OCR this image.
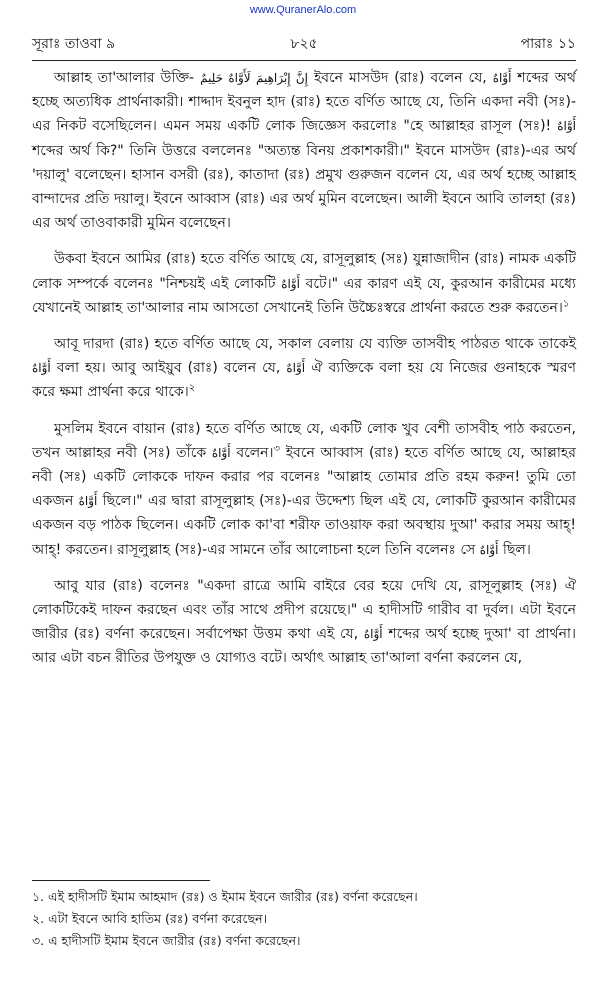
www.QuranerAlo.com
সূরাঃ তাওবা ৯	৮২৫	পারাঃ ১১

আল্লাহ তা'আলার উক্তি- إِنَّ إِبْرَاهِيمَ لَأَوَّاهٌ حَلِيمٌ ইবনে মাসউদ (রাঃ) বলেন যে, أَوَّاهٌ শব্দের অর্থ হচ্ছে অত্যধিক প্রার্থনাকারী। শাদ্দাদ ইবনুল হাদ (রাঃ) হতে বর্ণিত আছে যে, তিনি একদা নবী (সঃ)-এর নিকট বসেছিলেন। এমন সময় একটি লোক জিজ্ঞেস করলোঃ "হে আল্লাহর রাসূল (সঃ)! أَوَّاهٌ শব্দের অর্থ কি?" তিনি উত্তরে বললেনঃ "অত্যন্ত বিনয় প্রকাশকারী।" ইবনে মাসউদ (রাঃ)-এর অর্থ 'দয়ালু' বলেছেন। হাসান বসরী (রঃ), কাতাদা (রঃ) প্রমুখ গুরুজন বলেন যে, এর অর্থ হচ্ছে আল্লাহ বান্দাদের প্রতি দয়ালু। ইবনে আব্বাস (রাঃ) এর অর্থ মুমিন বলেছেন। আলী ইবনে আবি তালহা (রঃ) এর অর্থ তাওবাকারী মুমিন বলেছেন।

উকবা ইবনে আমির (রাঃ) হতে বর্ণিত আছে যে, রাসূলুল্লাহ (সঃ) যুন্নাজাদীন (রাঃ) নামক একটি লোক সম্পর্কে বলেনঃ "নিশ্চয়ই এই লোকটি أَوَّاهٌ বটে।" এর কারণ এই যে, কুরআন কারীমের মধ্যে যেখানেই আল্লাহ তা'আলার নাম আসতো সেখানেই তিনি উচ্চৈঃস্বরে প্রার্থনা করতে শুরু করতেন।$^১$

আবূ দারদা (রাঃ) হতে বর্ণিত আছে যে, সকাল বেলায় যে ব্যক্তি তাসবীহ পাঠরত থাকে তাকেই أَوَّاهٌ বলা হয়। আবু আইয়ুব (রাঃ) বলেন যে, أَوَّاهٌ ঐ ব্যক্তিকে বলা হয় যে নিজের গুনাহকে স্মরণ করে ক্ষমা প্রার্থনা করে থাকে।$^২$

মুসলিম ইবনে বায়ান (রাঃ) হতে বর্ণিত আছে যে, একটি লোক খুব বেশী তাসবীহ পাঠ করতেন, তখন আল্লাহর নবী (সঃ) তাঁকে أَوَّاهٌ বলেন।$^৩$ ইবনে আব্বাস (রাঃ) হতে বর্ণিত আছে যে, আল্লাহর নবী (সঃ) একটি লোককে দাফন করার পর বলেনঃ "আল্লাহ তোমার প্রতি রহম করুন! তুমি তো একজন أَوَّاهٌ ছিলে।" এর দ্বারা রাসূলুল্লাহ (সঃ)-এর উদ্দেশ্য ছিল এই যে, লোকটি কুরআন কারীমের একজন বড় পাঠক ছিলেন। একটি লোক কা'বা শরীফ তাওয়াফ করা অবস্থায় দুআ' করার সময় আহ্! আহ্! করতেন। রাসূলুল্লাহ (সঃ)-এর সামনে তাঁর আলোচনা হলে তিনি বলেনঃ সে أَوَّاهٌ ছিল।

আবু যার (রাঃ) বলেনঃ "একদা রাত্রে আমি বাইরে বের হয়ে দেখি যে, রাসূলুল্লাহ (সঃ) ঐ লোকটিকেই দাফন করছেন এবং তাঁর সাথে প্রদীপ রয়েছে।" এ হাদীসটি গারীব বা দুর্বল। এটা ইবনে জারীর (রঃ) বর্ণনা করেছেন। সর্বাপেক্ষা উত্তম কথা এই যে, أَوَّاهٌ শব্দের অর্থ হচ্ছে দুআ' বা প্রার্থনা। আর এটা বচন রীতির উপযুক্ত ও যোগ্যও বটে। অর্থাৎ আল্লাহ তা'আলা বর্ণনা করলেন যে,

১. এই হাদীসটি ইমাম আহমাদ (রঃ) ও ইমাম ইবনে জারীর (রঃ) বর্ণনা করেছেন।
২. এটা ইবনে আবি হাতিম (রঃ) বর্ণনা করেছেন।
৩. এ হাদীসটি ইমাম ইবনে জারীর (রঃ) বর্ণনা করেছেন।
